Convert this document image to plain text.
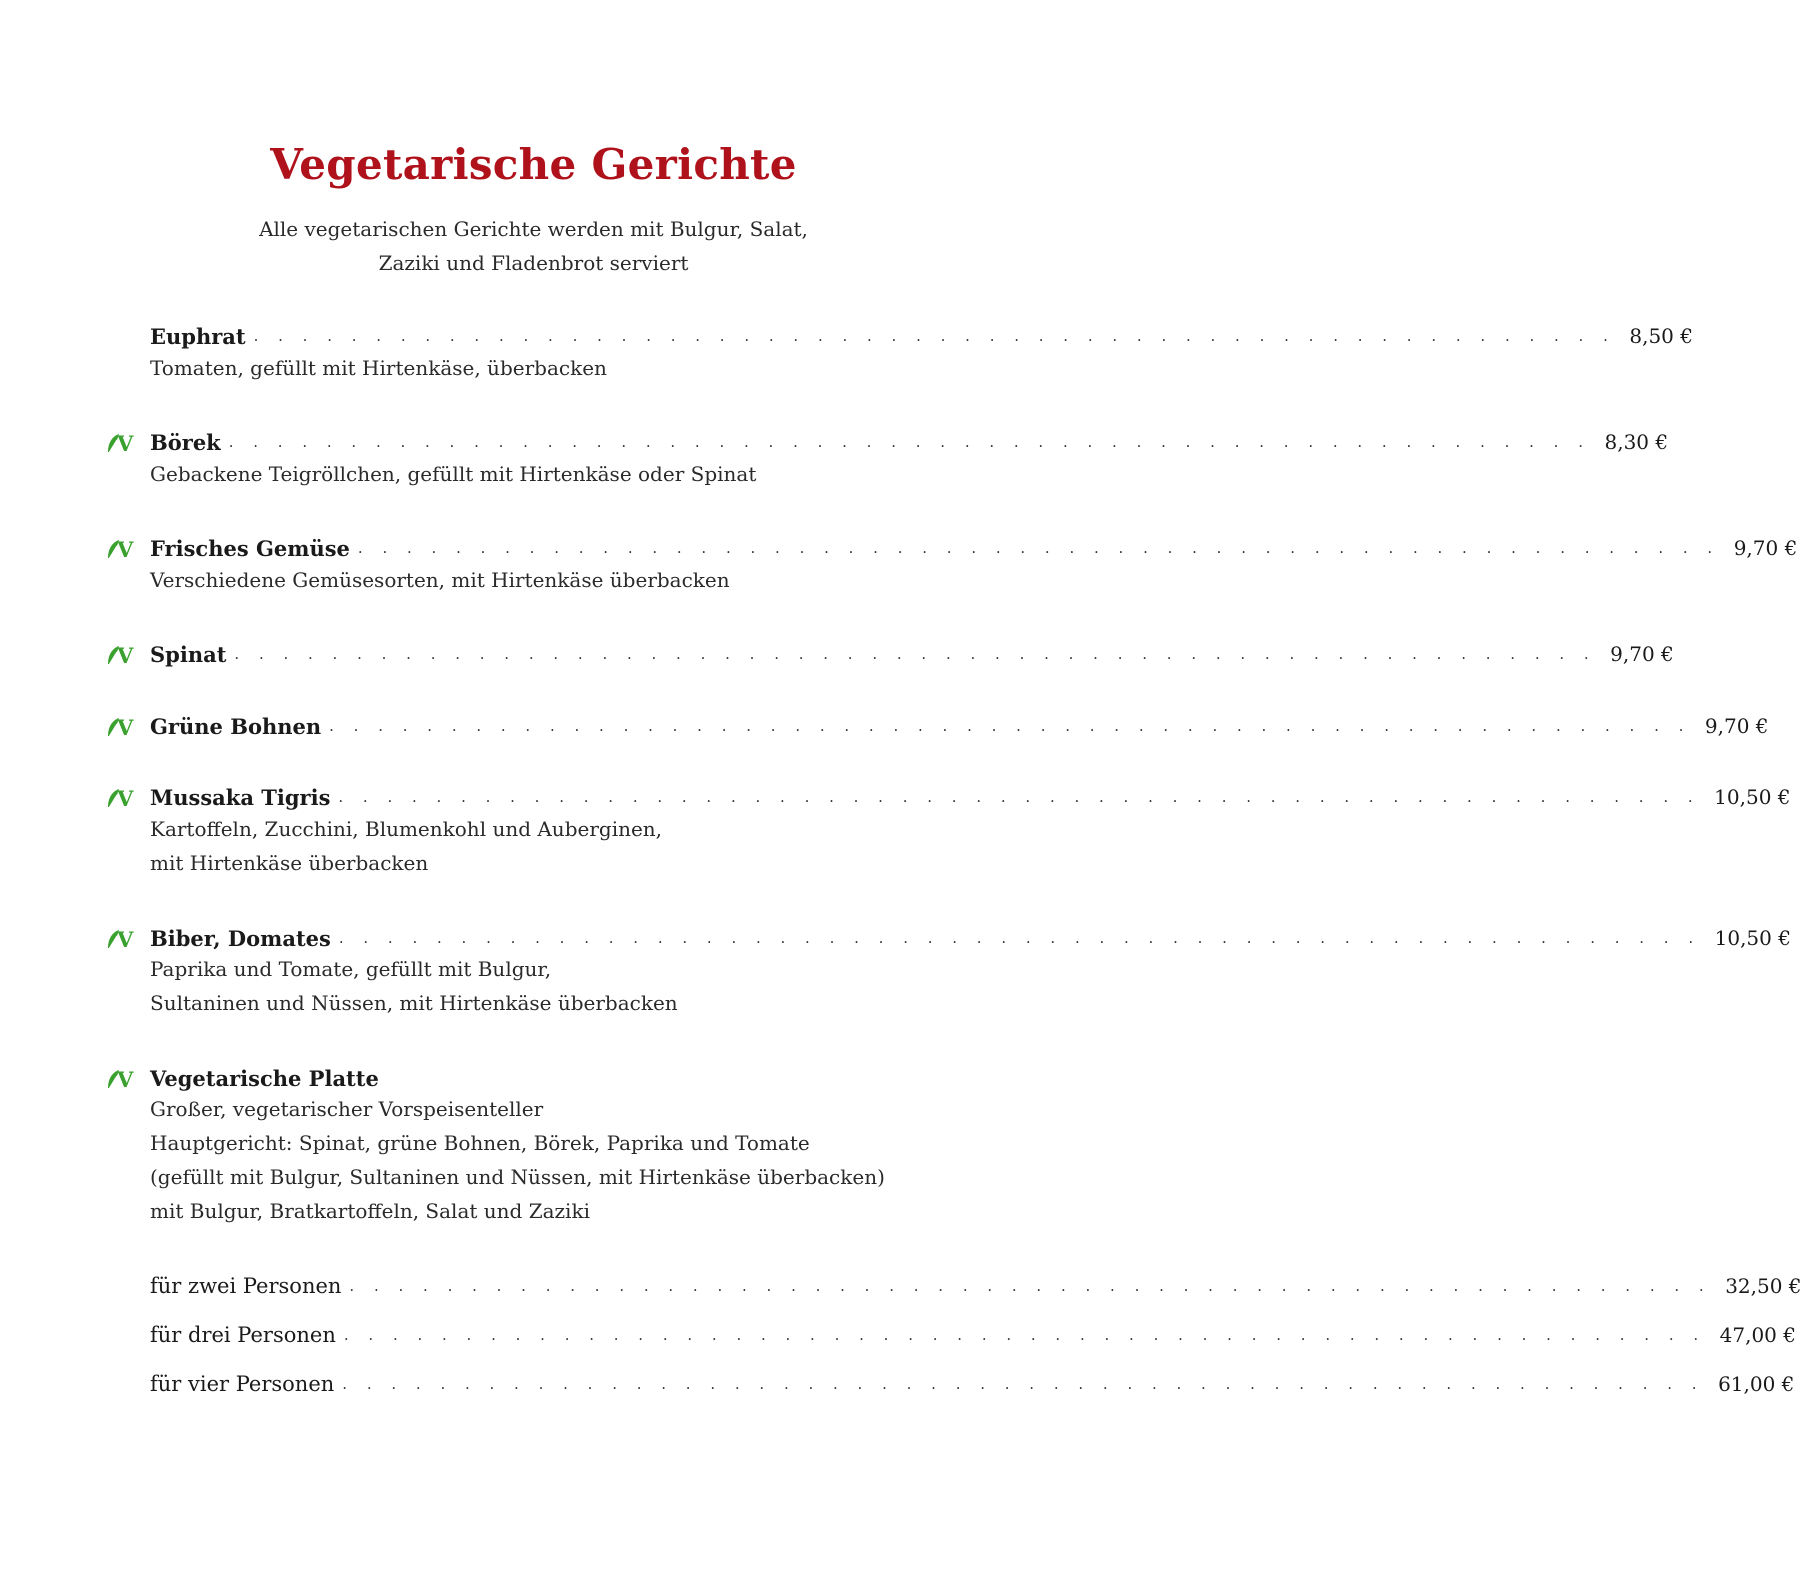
Vegetarische Gerichte

Alle vegetarischen Gerichte werden mit Bulgur, Salat,

Zaziki und Fladenbrot serviert

Euphrat . . . . . . . . . . . . . . . . . . . . . . . . . . . . . . . . . . . . . . . . . . . . . . . . . . . . . . . . 8,50 €

Tomaten, gefüllt mit Hirtenkäse, überbacken

V Börek . . . . . . . . . . . . . . . . . . . . . . . . . . . . . . . . . . . . . . . . . . . . . . . . . . . . . . . . 8,30 €

Gebackene Teigröllchen, gefüllt mit Hirtenkäse oder Spinat

V Frisches Gemüse . . . . . . . . . . . . . . . . . . . . . . . . . . . . . . . . . . . . . . . . . . . . . . . . . . . . . . . . 9,70 €

Verschiedene Gemüsesorten, mit Hirtenkäse überbacken

V Spinat . . . . . . . . . . . . . . . . . . . . . . . . . . . . . . . . . . . . . . . . . . . . . . . . . . . . . . . . 9,70 €
V Grüne Bohnen . . . . . . . . . . . . . . . . . . . . . . . . . . . . . . . . . . . . . . . . . . . . . . . . . . . . . . . . 9,70 €
V Mussaka Tigris . . . . . . . . . . . . . . . . . . . . . . . . . . . . . . . . . . . . . . . . . . . . . . . . . . . . . . . . 10,50 €

Kartoffeln, Zucchini, Blumenkohl und Auberginen,

mit Hirtenkäse überbacken

V Biber, Domates . . . . . . . . . . . . . . . . . . . . . . . . . . . . . . . . . . . . . . . . . . . . . . . . . . . . . . . . 10,50 €

Paprika und Tomate, gefüllt mit Bulgur,

Sultaninen und Nüssen, mit Hirtenkäse überbacken

V Vegetarische Platte

Großer, vegetarischer Vorspeisenteller

Hauptgericht: Spinat, grüne Bohnen, Börek, Paprika und Tomate

(gefüllt mit Bulgur, Sultaninen und Nüssen, mit Hirtenkäse überbacken)

mit Bulgur, Bratkartoffeln, Salat und Zaziki

für zwei Personen . . . . . . . . . . . . . . . . . . . . . . . . . . . . . . . . . . . . . . . . . . . . . . . . . . . . . . . . 32,50 €
für drei Personen . . . . . . . . . . . . . . . . . . . . . . . . . . . . . . . . . . . . . . . . . . . . . . . . . . . . . . . . 47,00 €
für vier Personen . . . . . . . . . . . . . . . . . . . . . . . . . . . . . . . . . . . . . . . . . . . . . . . . . . . . . . . . 61,00 €
